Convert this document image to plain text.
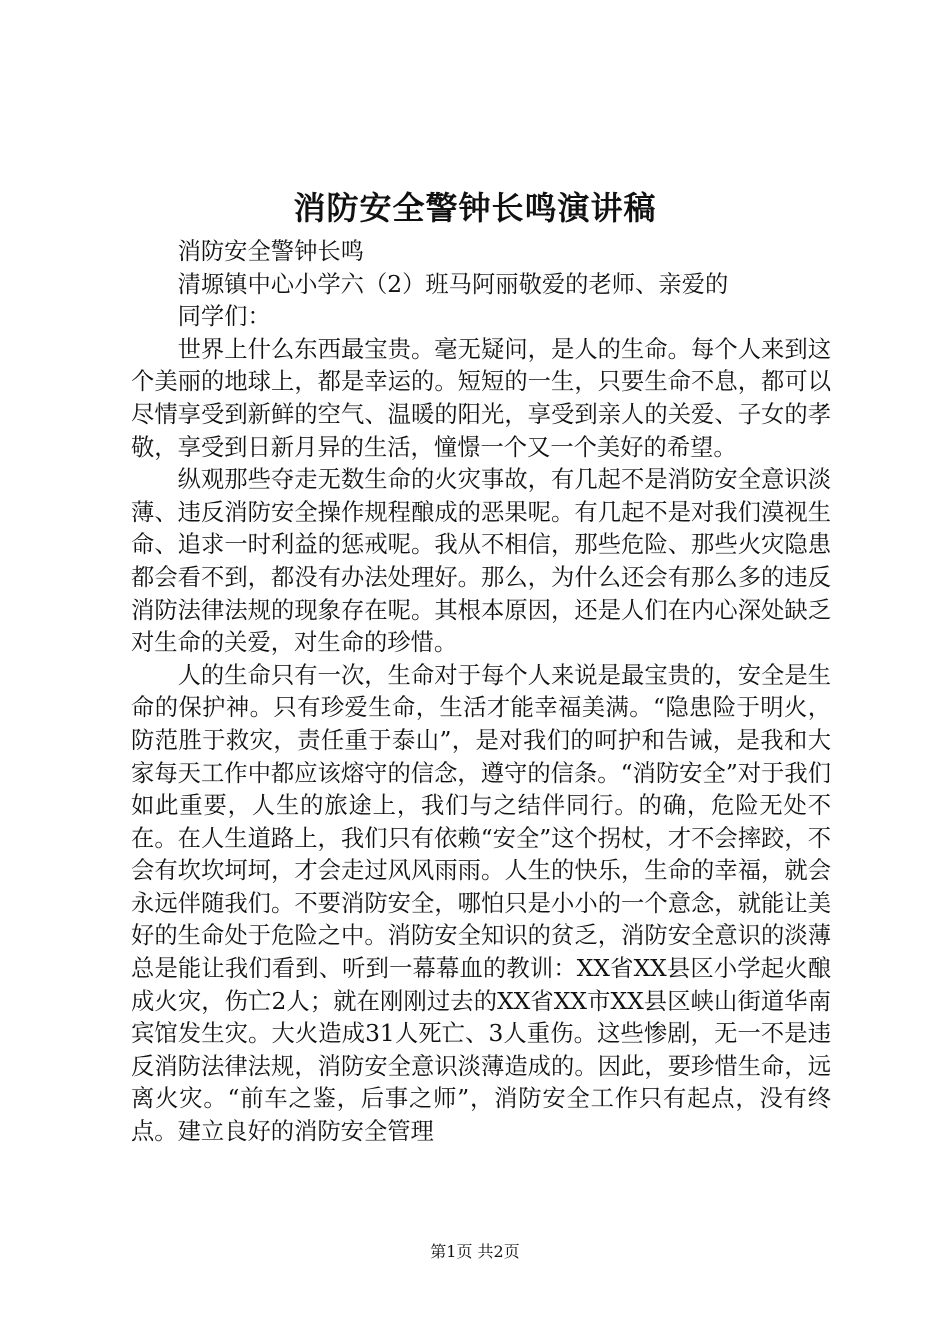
消防安全警钟长鸣演讲稿

消防安全警钟长鸣

清塬镇中心小学六（2）班马阿丽敬爱的老师、亲爱的

同学们：

世界上什么东西最宝贵。毫无疑问，是人的生命。每个人来到这个美丽的地球上，都是幸运的。短短的一生，只要生命不息，都可以尽情享受到新鲜的空气、温暖的阳光，享受到亲人的关爱、子女的孝敬，享受到日新月异的生活，憧憬一个又一个美好的希望。

纵观那些夺走无数生命的火灾事故，有几起不是消防安全意识淡薄、违反消防安全操作规程酿成的恶果呢。有几起不是对我们漠视生命、追求一时利益的惩戒呢。我从不相信，那些危险、那些火灾隐患都会看不到，都没有办法处理好。那么，为什么还会有那么多的违反消防法律法规的现象存在呢。其根本原因，还是人们在内心深处缺乏对生命的关爱，对生命的珍惜。

人的生命只有一次，生命对于每个人来说是最宝贵的，安全是生命的保护神。只有珍爱生命，生活才能幸福美满。“隐患险于明火，防范胜于救灾，责任重于泰山”，是对我们的呵护和告诫，是我和大家每天工作中都应该熔守的信念，遵守的信条。“消防安全”对于我们如此重要，人生的旅途上，我们与之结伴同行。的确，危险无处不在。在人生道路上，我们只有依赖“安全”这个拐杖，才不会摔跤，不会有坎坎坷坷，才会走过风风雨雨。人生的快乐，生命的幸福，就会永远伴随我们。不要消防安全，哪怕只是小小的一个意念，就能让美好的生命处于危险之中。消防安全知识的贫乏，消防安全意识的淡薄总是能让我们看到、听到一幕幕血的教训：XX省XX县区小学起火酿成火灾，伤亡2人；就在刚刚过去的XX省XX市XX县区峡山街道华南宾馆发生灾。大火造成31人死亡、3人重伤。这些惨剧，无一不是违反消防法律法规，消防安全意识淡薄造成的。因此，要珍惜生命，远离火灾。“前车之鉴，后事之师”，消防安全工作只有起点，没有终点。建立良好的消防安全管理

第1页 共2页
